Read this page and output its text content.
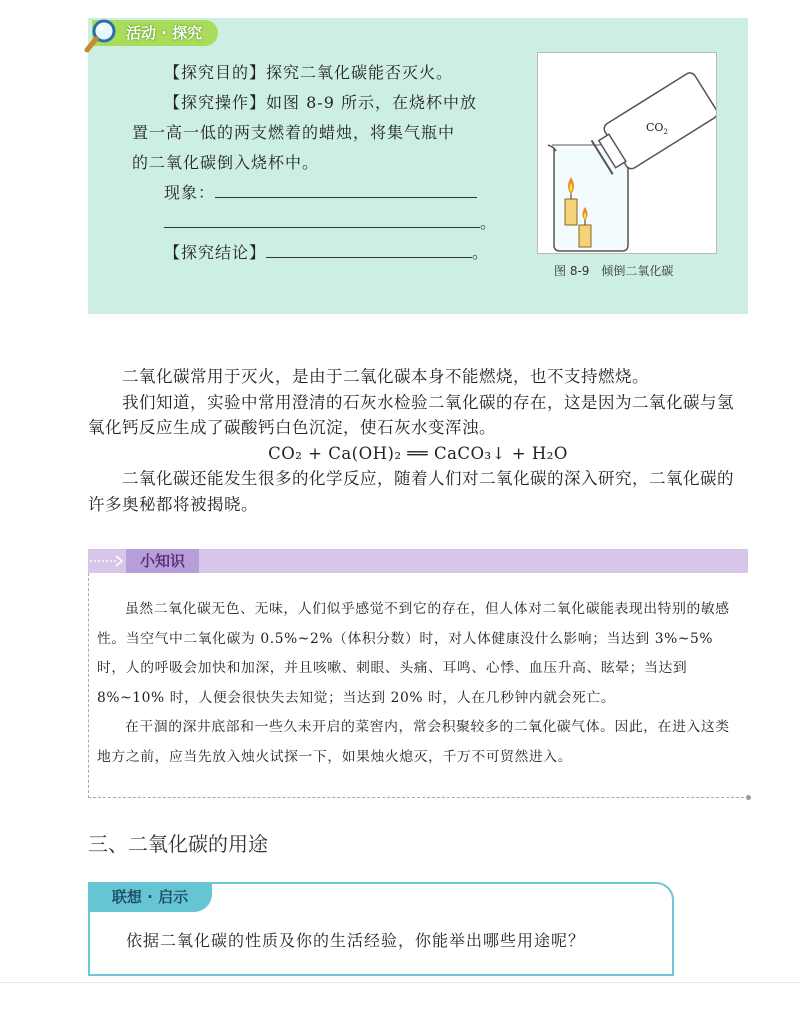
活动 · 探究

【探究目的】探究二氧化碳能否灭火。

【探究操作】如图 8-9 所示，在烧杯中放

置一高一低的两支燃着的蜡烛，将集气瓶中

的二氧化碳倒入烧杯中。

现象：

。

【探究结论】	。

$CO_2$
图 8-9　倾倒二氧化碳

二氧化碳常用于灭火，是由于二氧化碳本身不能燃烧，也不支持燃烧。

我们知道，实验中常用澄清的石灰水检验二氧化碳的存在，这是因为二氧化碳与氢氧化钙反应生成了碳酸钙白色沉淀，使石灰水变浑浊。

CO₂ + Ca(OH)₂ ══ CaCO₃↓ + H₂O

二氧化碳还能发生很多的化学反应，随着人们对二氧化碳的深入研究，二氧化碳的许多奥秘都将被揭晓。

小知识

虽然二氧化碳无色、无味，人们似乎感觉不到它的存在，但人体对二氧化碳能表现出特别的敏感性。当空气中二氧化碳为 0.5%~2%（体积分数）时，对人体健康没什么影响；当达到 3%~5% 时，人的呼吸会加快和加深，并且咳嗽、刺眼、头痛、耳鸣、心悸、血压升高、眩晕；当达到 8%~10% 时，人便会很快失去知觉；当达到 20% 时，人在几秒钟内就会死亡。

在干涸的深井底部和一些久未开启的菜窖内，常会积聚较多的二氧化碳气体。因此，在进入这类地方之前，应当先放入烛火试探一下，如果烛火熄灭，千万不可贸然进入。

三、二氧化碳的用途
联想 · 启示
依据二氧化碳的性质及你的生活经验，你能举出哪些用途呢？
